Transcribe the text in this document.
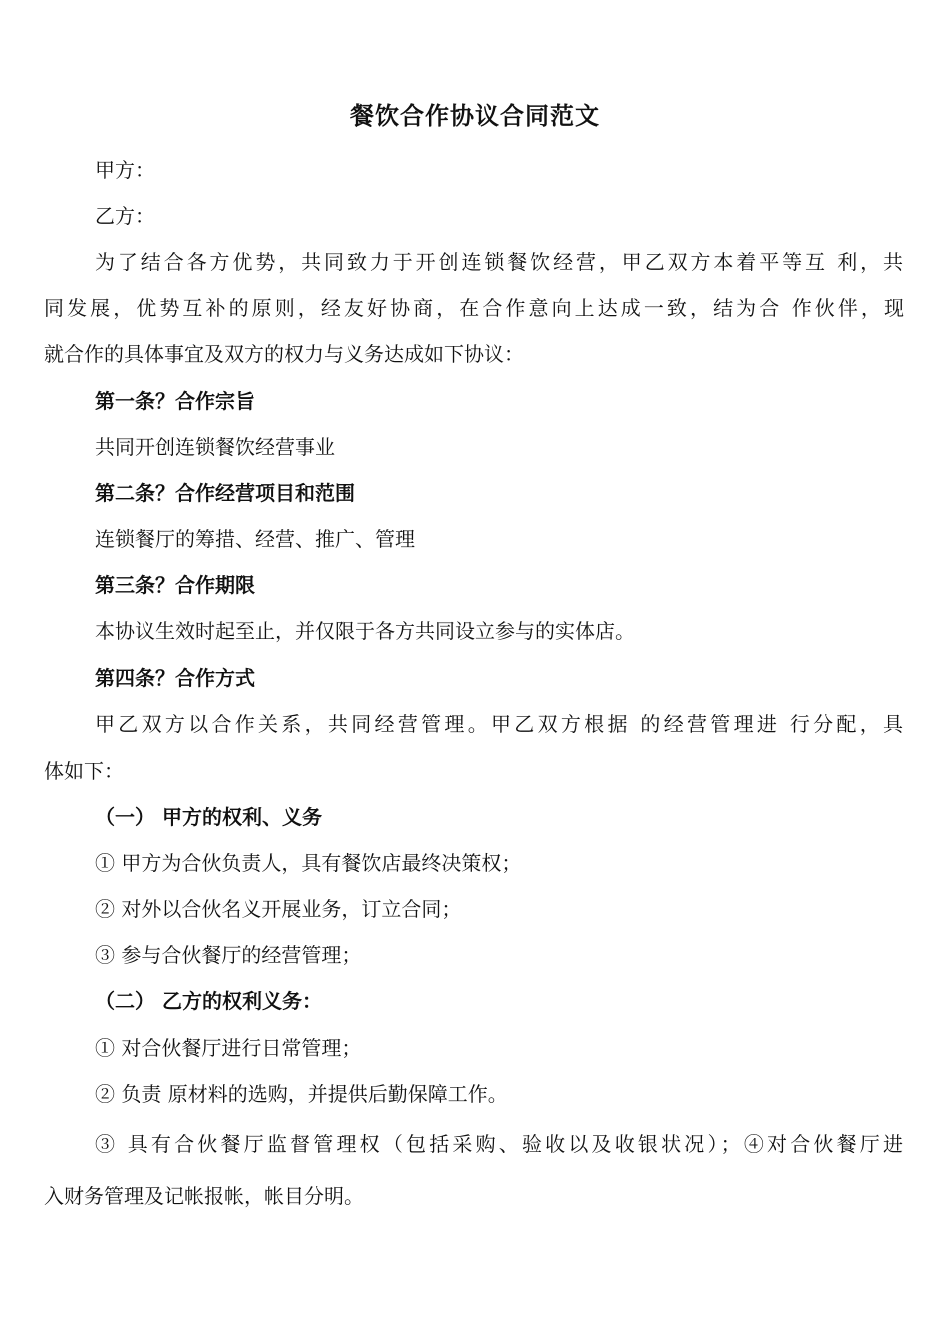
餐饮合作协议合同范文
甲方：
乙方：
为了结合各方优势，共同致力于开创连锁餐饮经营，甲乙双方本着平等互 利，共
同发展，优势互补的原则，经友好协商，在合作意向上达成一致，结为合 作伙伴，现
就合作的具体事宜及双方的权力与义务达成如下协议：
第一条？合作宗旨
共同开创连锁餐饮经营事业
第二条？合作经营项目和范围
连锁餐厅的筹措、经营、推广、管理
第三条？合作期限
本协议生效时起至止，并仅限于各方共同设立参与的实体店。
第四条？合作方式
甲乙双方以合作关系，共同经营管理。甲乙双方根据 的经营管理进 行分配，具
体如下：
（一） 甲方的权利、义务
① 甲方为合伙负责人，具有餐饮店最终决策权；
② 对外以合伙名义开展业务，订立合同；
③ 参与合伙餐厅的经营管理；
（二） 乙方的权利义务：
① 对合伙餐厅进行日常管理；
② 负责 原材料的选购，并提供后勤保障工作。
③ 具有合伙餐厅监督管理权（包括采购、验收以及收银状况）；④对合伙餐厅进
入财务管理及记帐报帐，帐目分明。
